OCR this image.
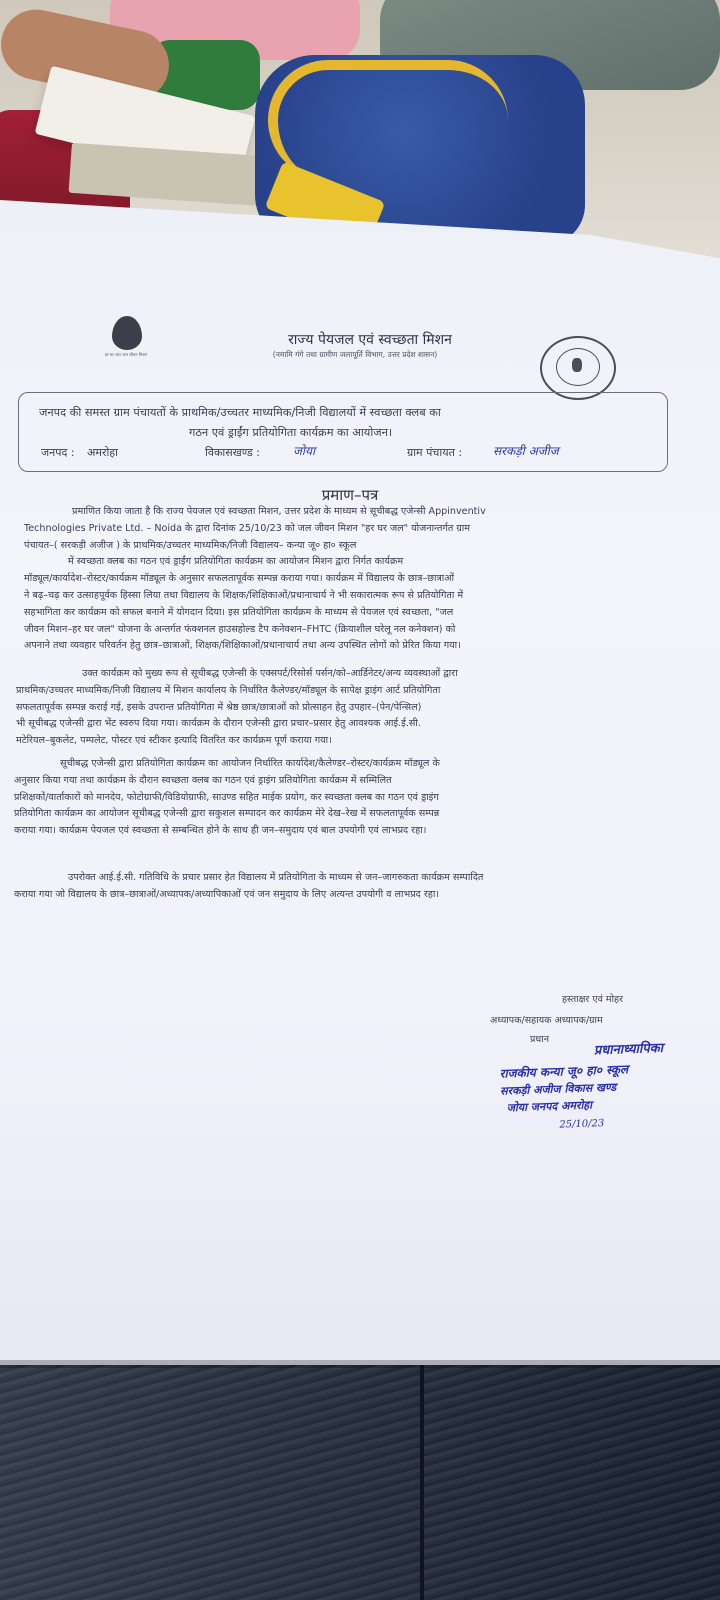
हर घर जल जल जीवन मिशन
राज्य पेयजल एवं स्वच्छता मिशन
(नमामि गंगे तथा ग्रामीण जलापूर्ति विभाग, उत्तर प्रदेश शासन)
जनपद की समस्त ग्राम पंचायतों के प्राथमिक/उच्चतर माध्यमिक/निजी विद्यालयों में स्वच्छता क्लब का
गठन एवं ड्राईंग प्रतियोगिता कार्यक्रम का आयोजन।
जनपद : अमरोहा	विकासखण्ड :	जोया	ग्राम पंचायत :	सरकड़ी अजीज
प्रमाण–पत्र
प्रमाणित किया जाता है कि राज्य पेयजल एवं स्वच्छता मिशन, उत्तर प्रदेश के माध्यम से सूचीबद्ध एजेन्सी Appinventiv
Technologies Private Ltd. – Noida के द्वारा दिनांक 25/10/23 को जल जीवन मिशन "हर घर जल" योजनान्तर्गत ग्राम
पंचायत–( सरकड़ी अजीज ) के प्राथमिक/उच्चतर माध्यमिक/निजी विद्यालय– कन्या जू० हा० स्कूल
में स्वच्छता क्लब का गठन एवं ड्राईंग प्रतियोगिता कार्यक्रम का आयोजन मिशन द्वारा निर्गत कार्यक्रम
मॉड्यूल/कार्यादेश–रोस्टर/कार्यक्रम मॉड्यूल के अनुसार सफलतापूर्वक सम्पन्न कराया गया। कार्यक्रम में विद्यालय के छात्र–छात्राओं
ने बढ़–चढ़ कर उत्साहपूर्वक हिस्सा लिया तथा विद्यालय के शिक्षक/शिक्षिकाओं/प्रधानाचार्य ने भी सकारात्मक रूप से प्रतियोगिता में
सहभागिता कर कार्यक्रम को सफल बनाने में योगदान दिया। इस प्रतियोगिता कार्यक्रम के माध्यम से पेयजल एवं स्वच्छता, "जल
जीवन मिशन–हर घर जल" योजना के अन्तर्गत फंक्शनल हाउसहोल्ड टैप कनेक्शन–FHTC (क्रियाशील घरेलू नल कनेक्शन) को
अपनाने तथा व्यवहार परिवर्तन हेतु छात्र–छात्राओं, शिक्षक/शिक्षिकाओं/प्रधानाचार्य तथा अन्य उपस्थित लोगों को प्रेरित किया गया।
उक्त कार्यक्रम को मुख्य रूप से सूचीबद्ध एजेन्सी के एक्सपर्ट/रिसोर्स पर्सन/को–आर्डिनेटर/अन्य व्यवस्थाओं द्वारा
प्राथमिक/उच्चतर माध्यमिक/निजी विद्यालय में मिशन कार्यालय के निर्धारित कैलेण्डर/मॉड्यूल के सापेक्ष ड्राइंग आर्ट प्रतियोगिता
सफलतापूर्वक सम्पन्न कराई गई, इसके उपरान्त प्रतियोगिता में श्रेष्ठ छात्र/छात्राओं को प्रोत्साहन हेतु उपहार–(पेन/पेन्सिल)
भी सूचीबद्ध एजेन्सी द्वारा भेंट स्वरुप दिया गया। कार्यक्रम के दौरान एजेन्सी द्वारा प्रचार–प्रसार हेतु आवश्यक आई.ई.सी.
मटेरियल–बुकलेट, पम्पलेट, पोस्टर एवं स्टीकर इत्यादि वितरित कर कार्यक्रम पूर्ण कराया गया।
सूचीबद्ध एजेन्सी द्वारा प्रतियोगिता कार्यक्रम का आयोजन निर्धारित कार्यादेश/कैलेण्डर–रोस्टर/कार्यक्रम मॉड्यूल के
अनुसार किया गया तथा कार्यक्रम के दौरान स्वच्छता क्लब का गठन एवं ड्राइंग प्रतियोगिता कार्यक्रम में सम्मिलित
प्रशिक्षकों/वार्ताकारों को मानदेय, फोटोग्राफी/विडियोग्राफी, साउण्ड सहित माईक प्रयोग, कर स्वच्छता क्लब का गठन एवं ड्राइंग
प्रतियोगिता कार्यक्रम का आयोजन सूचीबद्ध एजेन्सी द्वारा सकुशल सम्पादन कर कार्यक्रम मेरे देख–रेख में सफलतापूर्वक सम्पन्न
कराया गया। कार्यक्रम पेयजल एवं स्वच्छता से सम्बन्धित होने के साथ ही जन–समुदाय एवं बाल उपयोगी एवं लाभप्रद रहा।
उपरोक्त आई.ई.सी. गतिविधि के प्रचार प्रसार हेत विद्यालय में प्रतियोगिता के माध्यम से जन–जागरुकता कार्यक्रम सम्पादित
कराया गया जो विद्यालय के छात्र–छात्राओं/अध्यापक/अध्यापिकाओं एवं जन समुदाय के लिए अत्यन्त उपयोगी व लाभप्रद रहा।
हस्ताक्षर एवं मोहर
अध्यापक/सहायक अध्यापक/ग्राम
प्रधान
प्रधानाध्यापिका
राजकीय कन्या जू० हा० स्कूल
सरकड़ी अजीज विकास खण्ड
जोया जनपद अमरोहा
25/10/23
